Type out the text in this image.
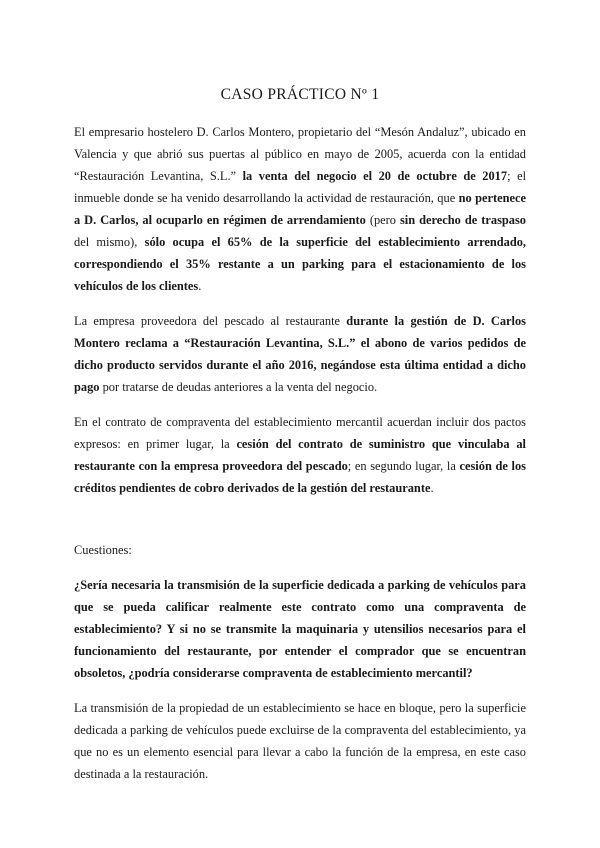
CASO PRÁCTICO Nº 1

El empresario hostelero D. Carlos Montero, propietario del “Mesón Andaluz”, ubicado en Valencia y que abrió sus puertas al público en mayo de 2005, acuerda con la entidad “Restauración Levantina, S.L.” la venta del negocio el 20 de octubre de 2017; el inmueble donde se ha venido desarrollando la actividad de restauración, que no pertenece a D. Carlos, al ocuparlo en régimen de arrendamiento (pero sin derecho de traspaso del mismo), sólo ocupa el 65% de la superficie del establecimiento arrendado, correspondiendo el 35% restante a un parking para el estacionamiento de los vehículos de los clientes.

La empresa proveedora del pescado al restaurante durante la gestión de D. Carlos Montero reclama a “Restauración Levantina, S.L.” el abono de varios pedidos de dicho producto servidos durante el año 2016, negándose esta última entidad a dicho pago por tratarse de deudas anteriores a la venta del negocio.

En el contrato de compraventa del establecimiento mercantil acuerdan incluir dos pactos expresos: en primer lugar, la cesión del contrato de suministro que vinculaba al restaurante con la empresa proveedora del pescado; en segundo lugar, la cesión de los créditos pendientes de cobro derivados de la gestión del restaurante.

Cuestiones:

¿Sería necesaria la transmisión de la superficie dedicada a parking de vehículos para que se pueda calificar realmente este contrato como una compraventa de establecimiento? Y si no se transmite la maquinaria y utensilios necesarios para el funcionamiento del restaurante, por entender el comprador que se encuentran obsoletos, ¿podría considerarse compraventa de establecimiento mercantil?

La transmisión de la propiedad de un establecimiento se hace en bloque, pero la superficie dedicada a parking de vehículos puede excluirse de la compraventa del establecimiento, ya que no es un elemento esencial para llevar a cabo la función de la empresa, en este caso destinada a la restauración.
